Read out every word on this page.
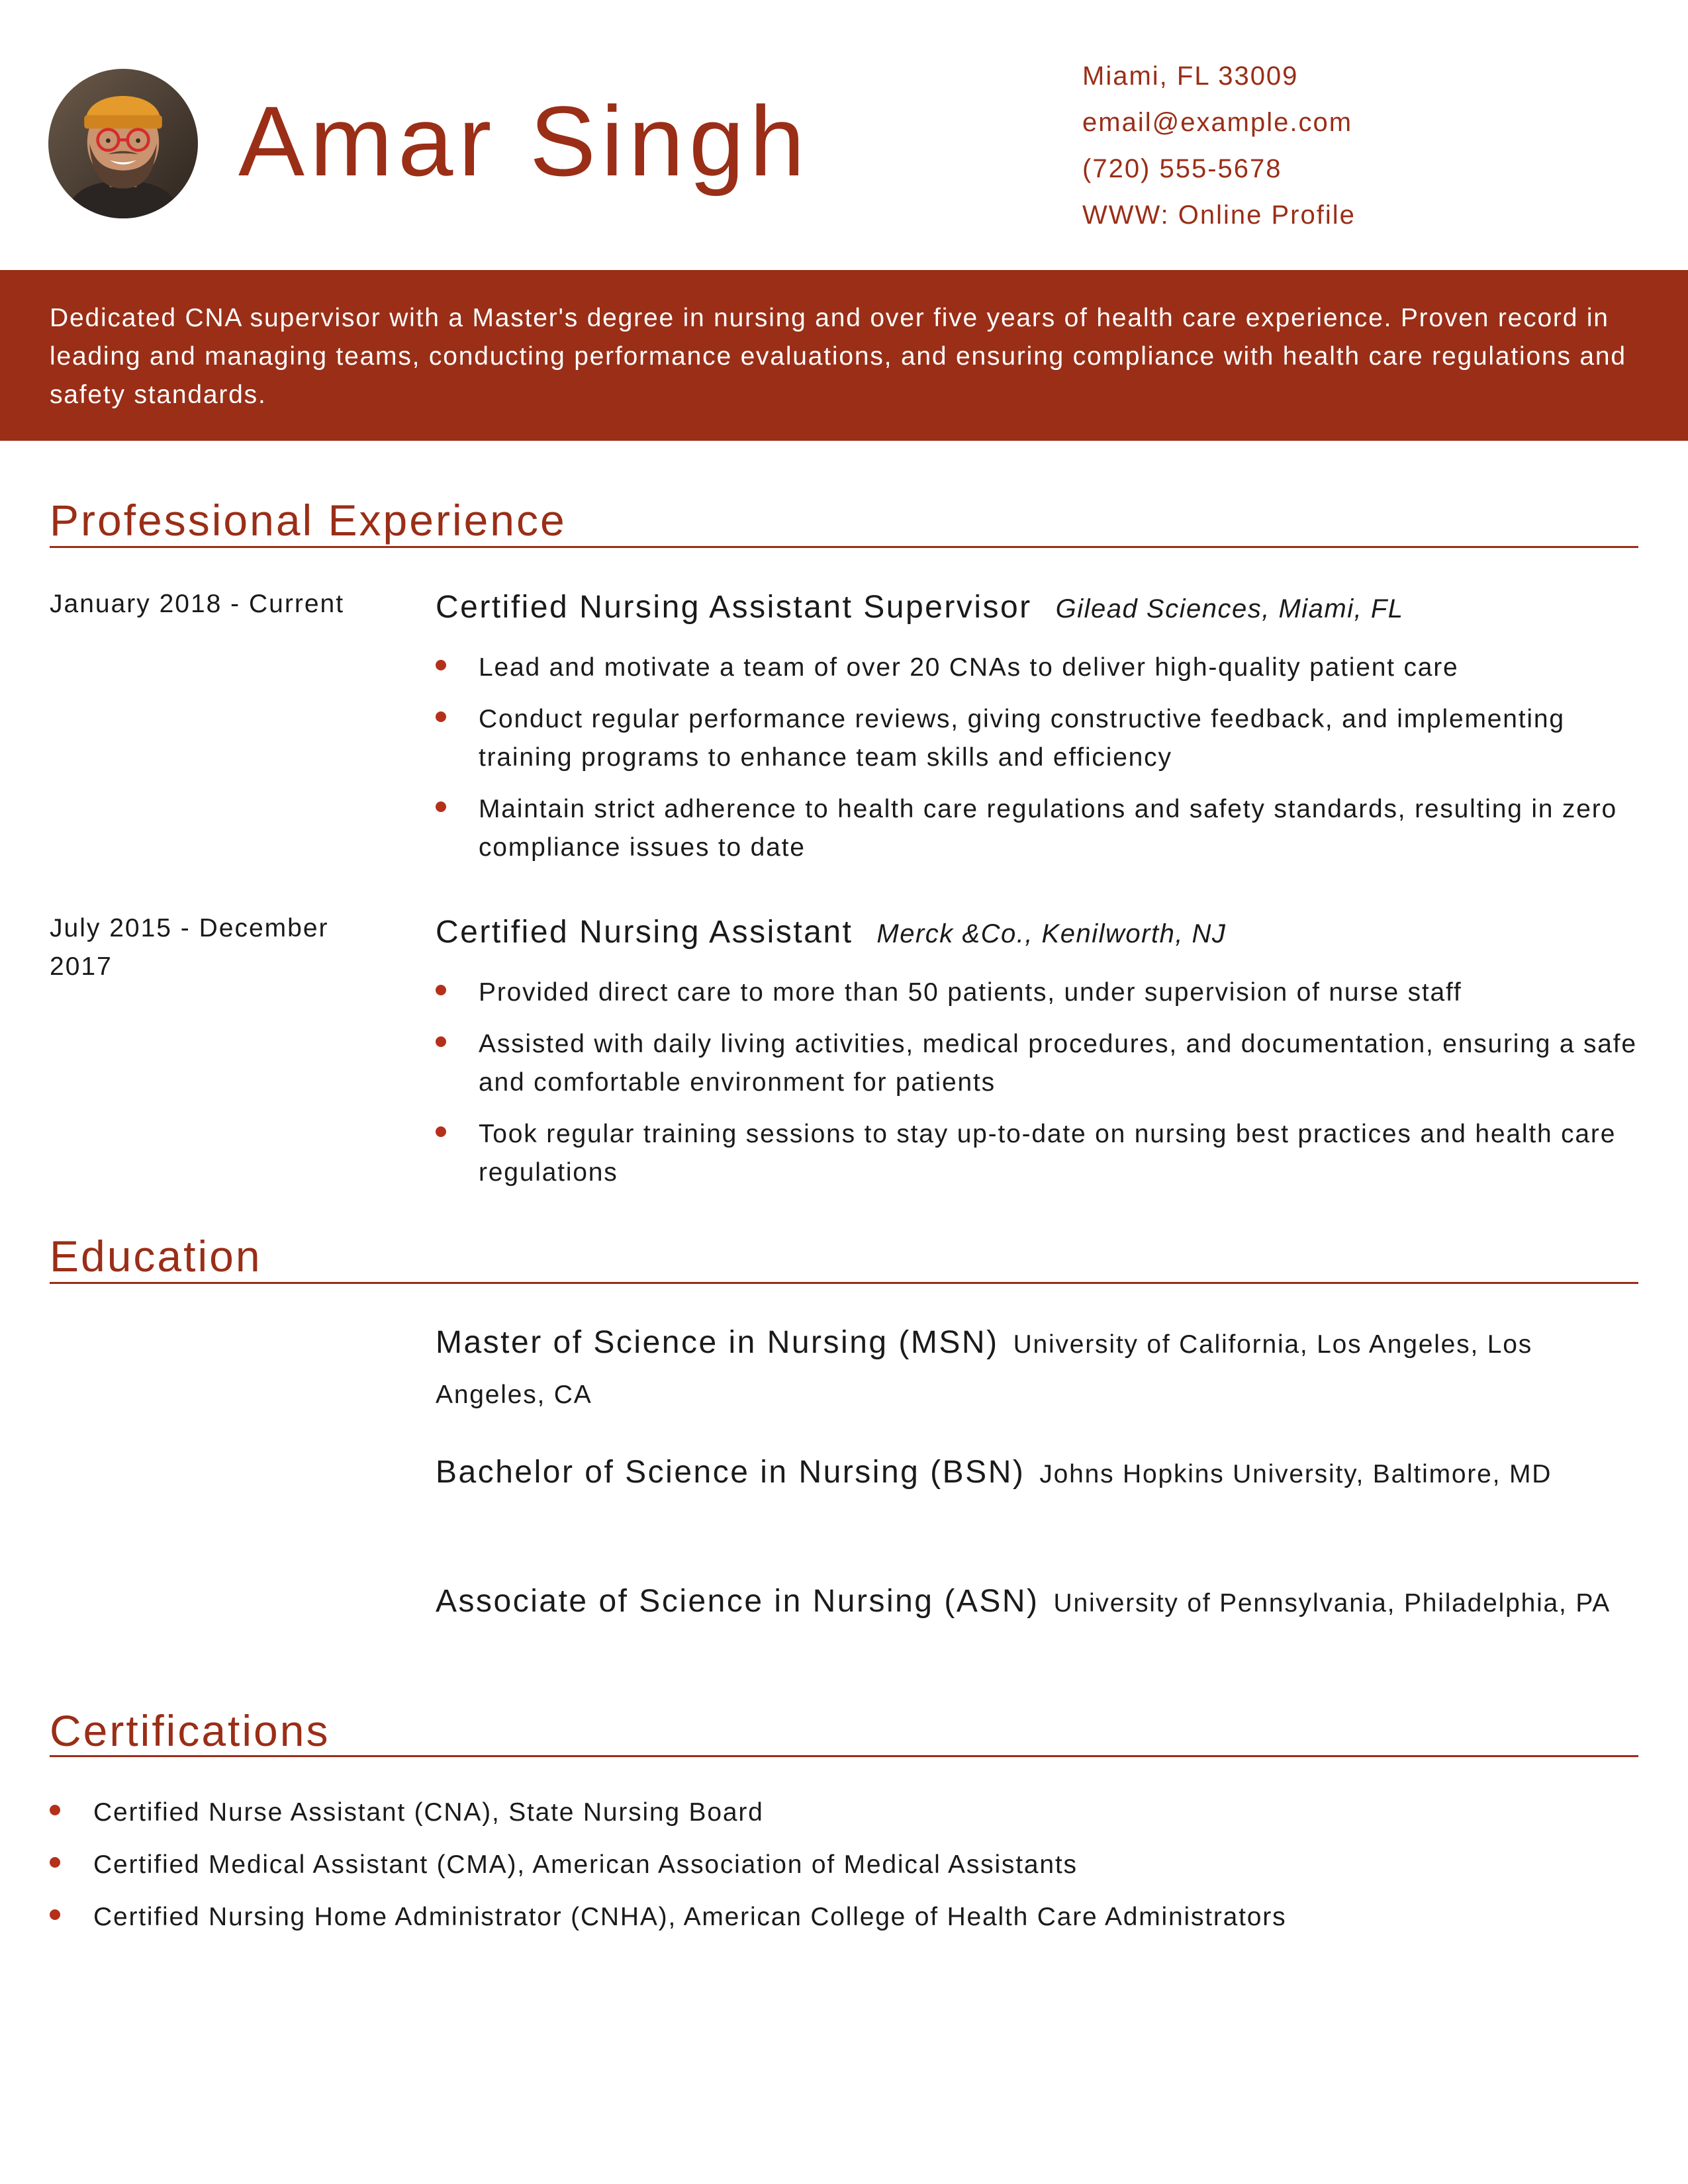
Amar Singh
Miami, FL 33009
email@example.com
(720) 555-5678
WWW: Online Profile

Dedicated CNA supervisor with a Master's degree in nursing and over five years of health care experience. Proven record in leading and managing teams, conducting performance evaluations, and ensuring compliance with health care regulations and safety standards.

Professional Experience
January 2018 - Current	Certified Nursing Assistant Supervisor Gilead Sciences, Miami, FL
Lead and motivate a team of over 20 CNAs to deliver high-quality patient care
Conduct regular performance reviews, giving constructive feedback, and implementing training programs to enhance team skills and efficiency
Maintain strict adherence to health care regulations and safety standards, resulting in zero compliance issues to date
July 2015 - December 2017
Certified Nursing Assistant Merck &Co., Kenilworth, NJ
Provided direct care to more than 50 patients, under supervision of nurse staff
Assisted with daily living activities, medical procedures, and documentation, ensuring a safe and comfortable environment for patients
Took regular training sessions to stay up-to-date on nursing best practices and health care regulations
Education

Master of Science in Nursing (MSN) University of California, Los Angeles, Los Angeles, CA

Bachelor of Science in Nursing (BSN) Johns Hopkins University, Baltimore, MD

Associate of Science in Nursing (ASN) University of Pennsylvania, Philadelphia, PA

Certifications
Certified Nurse Assistant (CNA), State Nursing Board
Certified Medical Assistant (CMA), American Association of Medical Assistants
Certified Nursing Home Administrator (CNHA), American College of Health Care Administrators
